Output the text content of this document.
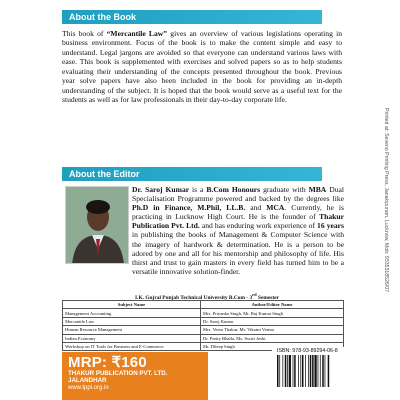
About the Book
This book of “Mercantile Law” gives an overview of various legislations operating in business environment. Focus of the book is to make the content simple and easy to understand. Legal jargons are avoided so that everyone can understand various laws with ease. This book is supplemented with exercises and solved papers so as to help students evaluating their understanding of the concepts presented throughout the book. Previous year solve papers have also been included in the book for providing an in-depth understanding of the subject. It is hoped that the book would serve as a useful text for the students as well as for law professionals in their day-to-day corporate life.
About the Editor
Dr. Saroj Kumar is a B.Com Honours graduate with MBA Dual Specialisation Programme powered and backed by the degrees like Ph.D in Finance, M.Phil, LL.B. and MCA. Currently, he is practicing in Lucknow High Court. He is the founder of Thakur Publication Pvt. Ltd. and has enduring work experience of 16 years in publishing the books of Management & Computer Science with the imagery of hardwork & determination. He is a person to be adored by one and all for his mentorship and philosophy of life. His thirst and trust to gain masters in every field has turned him to be a versatile innovative solution-finder.
I.K. Gujral Punjab Technical University B.Com - 3rd Semester
Subject Name	Author/Editor Name
Management Accounting	Mrs. Priyanka Singh, Mr. Raj Kumar Singh
Mercantile Law	Dr. Saroj Kumar
Human Resource Management	Mrs. Veera Thakur, Mr. Vikrant Verma
Indian Economy	Dr. Pretty Bhalla, Ms. Swati Joshi
Workshop on IT Tools for Business and E-Commerce	Mr. Dileep Singh
MRP: ₹160
THAKUR PUBLICATION PVT. LTD.
JALANDHAR
www.tppl.org.in
ISBN: 978-93-89294-06-8
Printed at: Seveno Printing Press, Janakipuram, Lucknow, Mob: 9335318526/07
